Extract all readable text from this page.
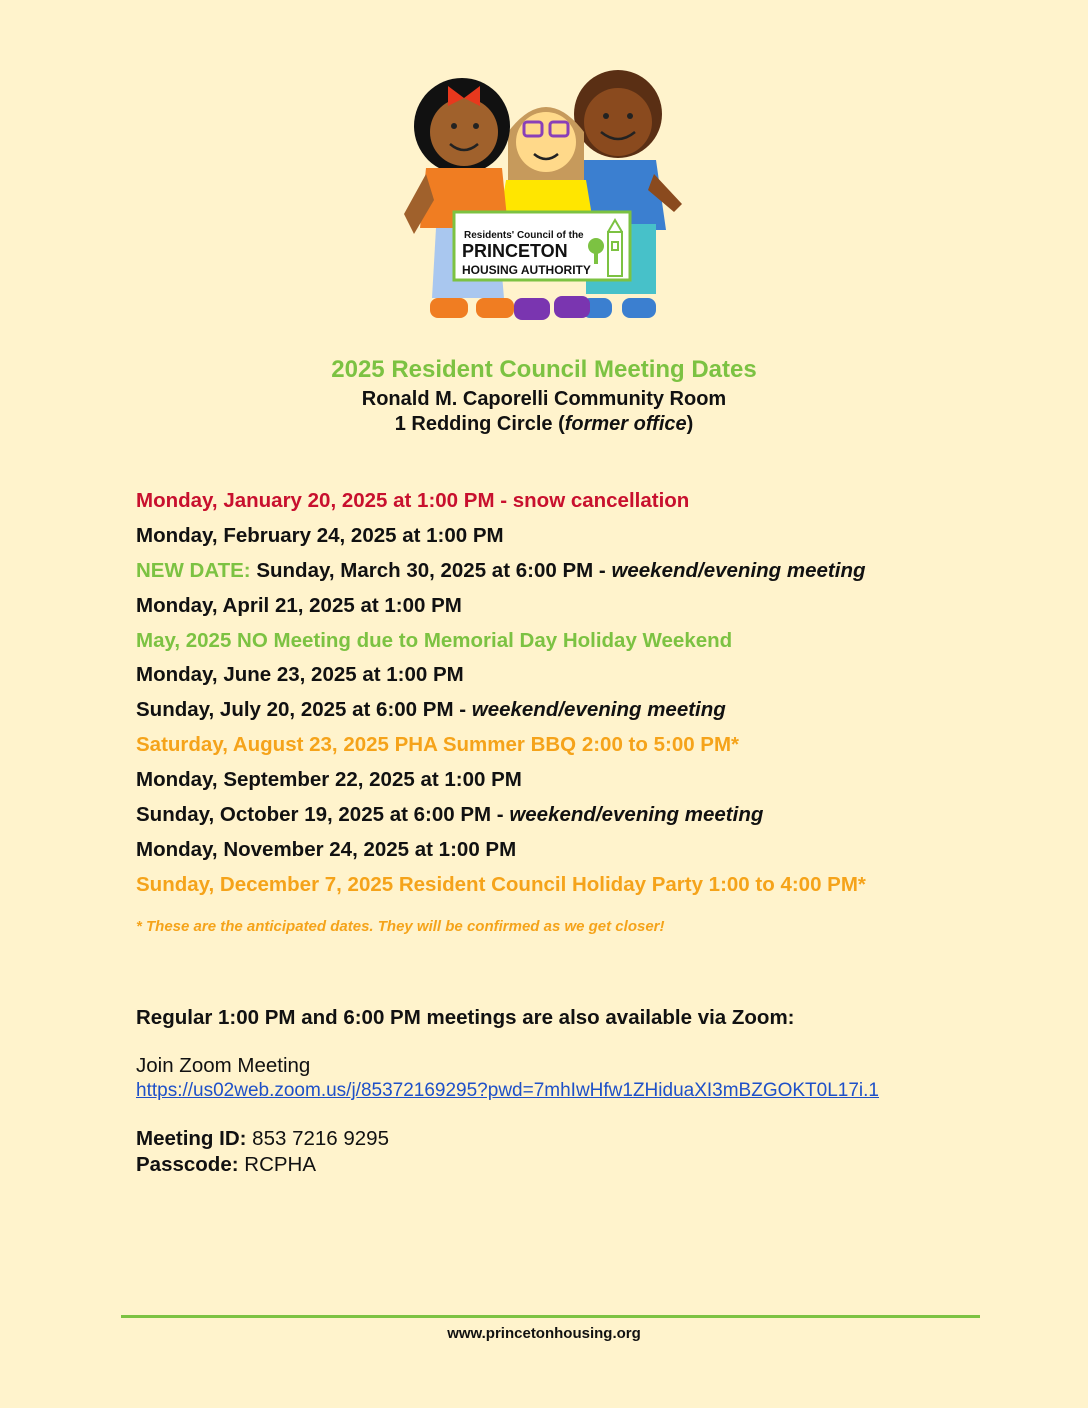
Residents' Council of the
PRINCETON
HOUSING AUTHORITY
2025 Resident Council Meeting Dates
Ronald M. Caporelli Community Room
1 Redding Circle (former office)
Monday, January 20, 2025 at 1:00 PM - snow cancellation
Monday, February 24, 2025 at 1:00 PM
NEW DATE: Sunday, March 30, 2025 at 6:00 PM - weekend/evening meeting
Monday, April 21, 2025 at 1:00 PM
May, 2025 NO Meeting due to Memorial Day Holiday Weekend
Monday, June 23, 2025 at 1:00 PM
Sunday, July 20, 2025 at 6:00 PM - weekend/evening meeting
Saturday, August 23, 2025 PHA Summer BBQ 2:00 to 5:00 PM*
Monday, September 22, 2025 at 1:00 PM
Sunday, October 19, 2025 at 6:00 PM - weekend/evening meeting
Monday, November 24, 2025 at 1:00 PM
Sunday, December 7, 2025 Resident Council Holiday Party 1:00 to 4:00 PM*
* These are the anticipated dates. They will be confirmed as we get closer!
Regular 1:00 PM and 6:00 PM meetings are also available via Zoom:
Join Zoom Meeting
https://us02web.zoom.us/j/85372169295?pwd=7mhIwHfw1ZHiduaXI3mBZGOKT0L17i.1
Meeting ID: 853 7216 9295
Passcode: RCPHA
www.princetonhousing.org
